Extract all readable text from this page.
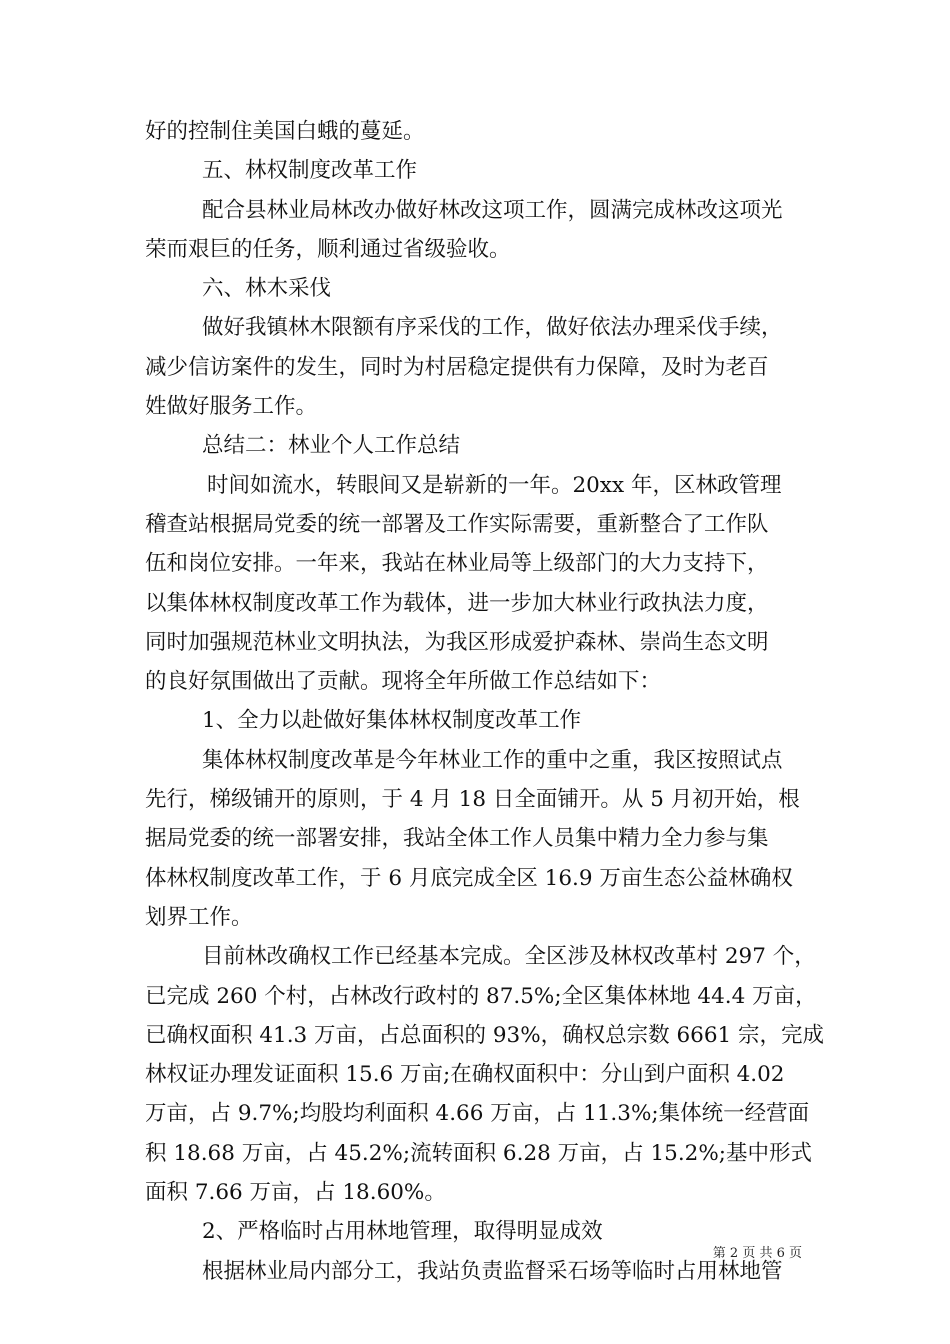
好的控制住美国白蛾的蔓延。
五、林权制度改革工作
配合县林业局林改办做好林改这项工作，圆满完成林改这项光
荣而艰巨的任务，顺利通过省级验收。
六、林木采伐
做好我镇林木限额有序采伐的工作，做好依法办理采伐手续，
减少信访案件的发生，同时为村居稳定提供有力保障，及时为老百
姓做好服务工作。
总结二：林业个人工作总结
时间如流水，转眼间又是崭新的一年。20xx 年，区林政管理
稽查站根据局党委的统一部署及工作实际需要，重新整合了工作队
伍和岗位安排。一年来，我站在林业局等上级部门的大力支持下，
以集体林权制度改革工作为载体，进一步加大林业行政执法力度，
同时加强规范林业文明执法，为我区形成爱护森林、崇尚生态文明
的良好氛围做出了贡献。现将全年所做工作总结如下：
1、全力以赴做好集体林权制度改革工作
集体林权制度改革是今年林业工作的重中之重，我区按照试点
先行，梯级铺开的原则，于 4 月 18 日全面铺开。从 5 月初开始，根
据局党委的统一部署安排，我站全体工作人员集中精力全力参与集
体林权制度改革工作，于 6 月底完成全区 16.9 万亩生态公益林确权
划界工作。
目前林改确权工作已经基本完成。全区涉及林权改革村 297 个，
已完成 260 个村，占林改行政村的 87.5%;全区集体林地 44.4 万亩，
已确权面积 41.3 万亩，占总面积的 93%，确权总宗数 6661 宗，完成
林权证办理发证面积 15.6 万亩;在确权面积中：分山到户面积 4.02
万亩，占 9.7%;均股均利面积 4.66 万亩，占 11.3%;集体统一经营面
积 18.68 万亩，占 45.2%;流转面积 6.28 万亩，占 15.2%;基中形式
面积 7.66 万亩，占 18.60%。
2、严格临时占用林地管理，取得明显成效
根据林业局内部分工，我站负责监督采石场等临时占用林地管
第 2 页 共 6 页
